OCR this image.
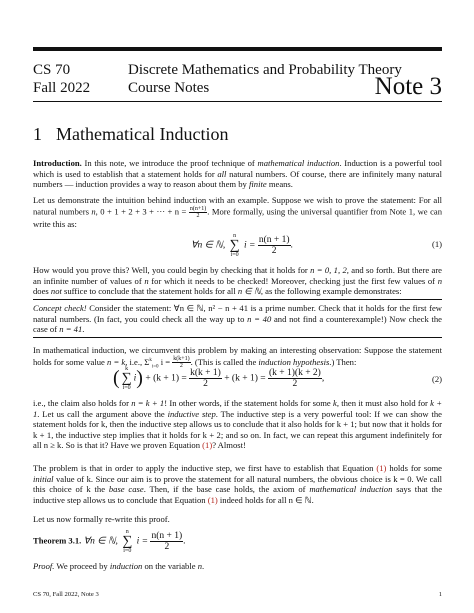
CS 70
Fall 2022
Discrete Mathematics and Probability Theory
Course Notes	Note 3
1 Mathematical Induction
Introduction. In this note, we introduce the proof technique of mathematical induction. Induction is a powerful tool which is used to establish that a statement holds for all natural numbers. Of course, there are infinitely many natural numbers — induction provides a way to reason about them by finite means.
Let us demonstrate the intuition behind induction with an example. Suppose we wish to prove the statement: For all natural numbers n, 0 + 1 + 2 + 3 + ··· + $n = \frac{n(n+1)}{2}$ . More formally, using the universal quantifier from Note 1, we can write this as:
∀n ∈ ℕ, n
∑
i=0 $i = \frac{n(n + 1)}{2}$ .	(1)
How would you prove this? Well, you could begin by checking that it holds for n = 0, 1, 2, and so forth. But there are an infinite number of values of n for which it needs to be checked! Moreover, checking just the first few values of n does not suffice to conclude that the statement holds for all n ∈ ℕ, as the following example demonstrates:
Concept check! Consider the statement: ∀n ∈ ℕ, n² − n + 41 is a prime number. Check that it holds for the first few natural numbers. (In fact, you could check all the way up to n = 40 and not find a counterexample!) Now check the case of n = 41.
In mathematical induction, we circumvent this problem by making an interesting observation: Suppose the statement holds for some value n = k, i.e., $\Sigma^k_{i=0}$ $i = \frac{k(k+1)}{2}$ . (This is called the induction hypothesis.) Then:
( k
∑
$i=0i) + (k + 1) = \frac{k(k + 1)}{2} + (k + 1) = \frac{(k + 1)(k + 2)}{2}$ ,	(2)
i.e., the claim also holds for n = k + 1! In other words, if the statement holds for some k, then it must also hold for k + 1. Let us call the argument above the inductive step. The inductive step is a very powerful tool: If we can show the statement holds for k, then the inductive step allows us to conclude that it also holds for k + 1; but now that it holds for k + 1, the inductive step implies that it holds for k + 2; and so on. In fact, we can repeat this argument indefinitely for all n ≥ k. So is that it? Have we proven Equation (1)? Almost!
The problem is that in order to apply the inductive step, we first have to establish that Equation (1) holds for some initial value of k. Since our aim is to prove the statement for all natural numbers, the obvious choice is k = 0. We call this choice of k the base case. Then, if the base case holds, the axiom of mathematical induction says that the inductive step allows us to conclude that Equation (1) indeed holds for all n ∈ ℕ.
Let us now formally re-write this proof.
Theorem 3.1. ∀n ∈ ℕ, n
∑
i=0 $i = \frac{n(n + 1)}{2}$ .
Proof. We proceed by induction on the variable n.
CS 70, Fall 2022, Note 3	1
